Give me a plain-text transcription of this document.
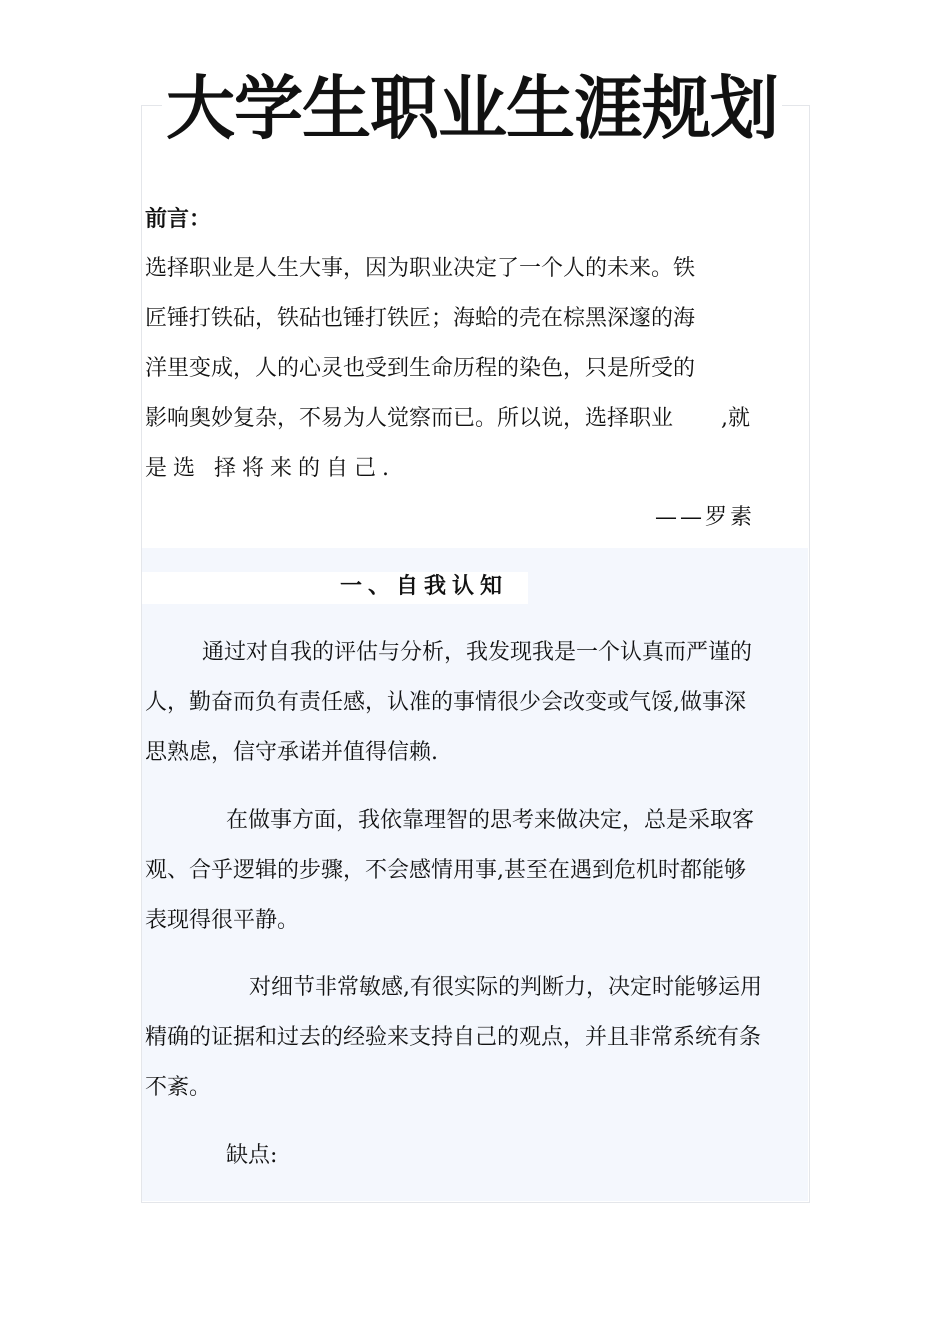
大学生职业生涯规划
前言：
选择职业是人生大事，因为职业决定了一个人的未来。铁
匠锤打铁砧，铁砧也锤打铁匠；海蛤的壳在棕黑深邃的海
洋里变成，人的心灵也受到生命历程的染色，只是所受的
影响奥妙复杂，不易为人觉察而已。所以说，选择职业 ,就
是选 择将来的自己.
——罗素
一、自我认知
通过对自我的评估与分析，我发现我是一个认真而严谨的
人，勤奋而负有责任感，认准的事情很少会改变或气馁,做事深
思熟虑，信守承诺并值得信赖.
在做事方面，我依靠理智的思考来做决定，总是采取客
观、合乎逻辑的步骤，不会感情用事,甚至在遇到危机时都能够
表现得很平静。
对细节非常敏感,有很实际的判断力，决定时能够运用
精确的证据和过去的经验来支持自己的观点，并且非常系统有条
不紊。
缺点:
